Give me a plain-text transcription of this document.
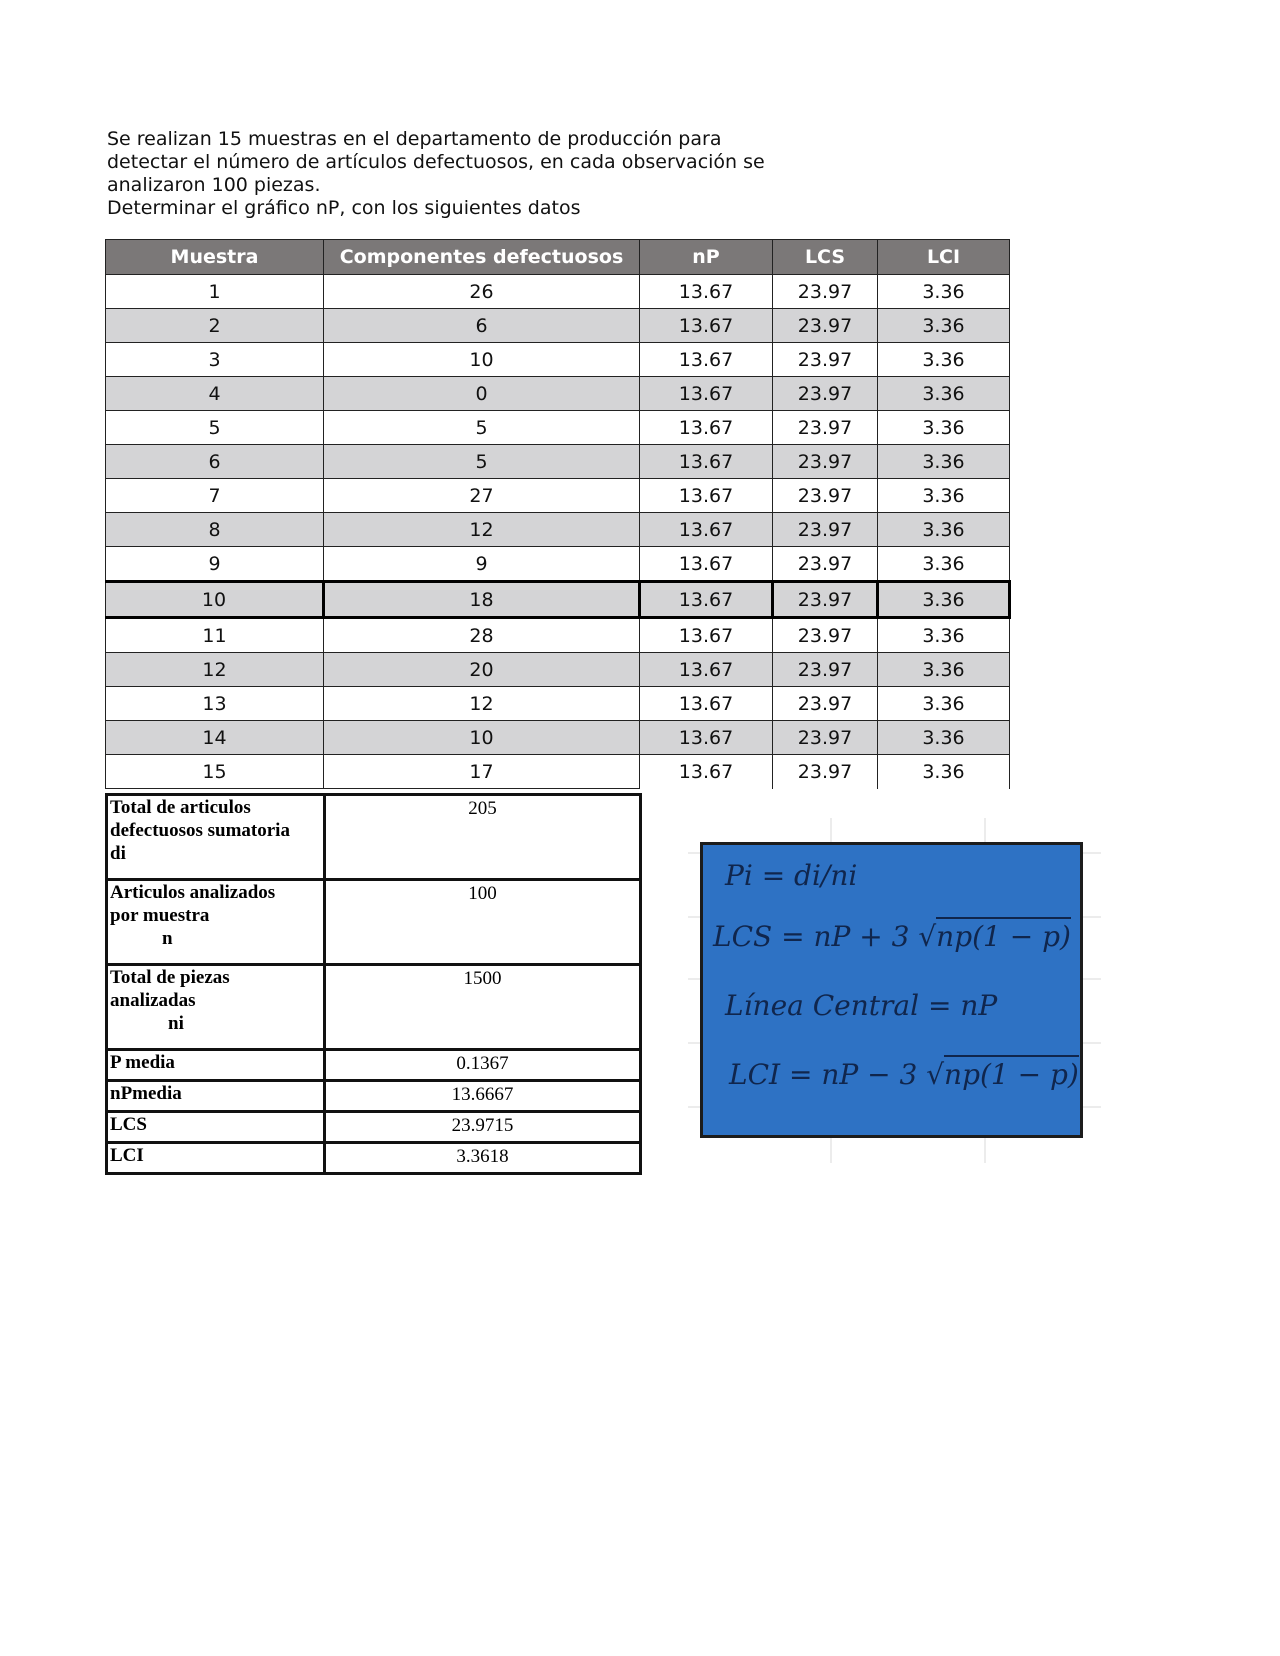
Se realizan 15 muestras en el departamento de producción para

detectar el número de artículos defectuosos, en cada observación se

analizaron 100 piezas.

Determinar el gráfico nP, con los siguientes datos

Muestra	Componentes defectuosos	nP	LCS	LCI
1	26	13.67	23.97	3.36
2	6	13.67	23.97	3.36
3	10	13.67	23.97	3.36
4	0	13.67	23.97	3.36
5	5	13.67	23.97	3.36
6	5	13.67	23.97	3.36
7	27	13.67	23.97	3.36
8	12	13.67	23.97	3.36
9	9	13.67	23.97	3.36
10	18	13.67	23.97	3.36
11	28	13.67	23.97	3.36
12	20	13.67	23.97	3.36
13	12	13.67	23.97	3.36
14	10	13.67	23.97	3.36
15	17	13.67	23.97	3.36
Total de articulos
defectuosos sumatoria
di	205
Articulos analizados
por muestra
n	100
Total de piezas
analizadas
ni	1500
P media	0.1367
nPmedia	13.6667
LCS	23.9715
LCI	3.3618
Pi = di/ni
LCS = nP + 3 √np(1 − p)
Línea Central = nP
LCI = nP − 3 √np(1 − p)
